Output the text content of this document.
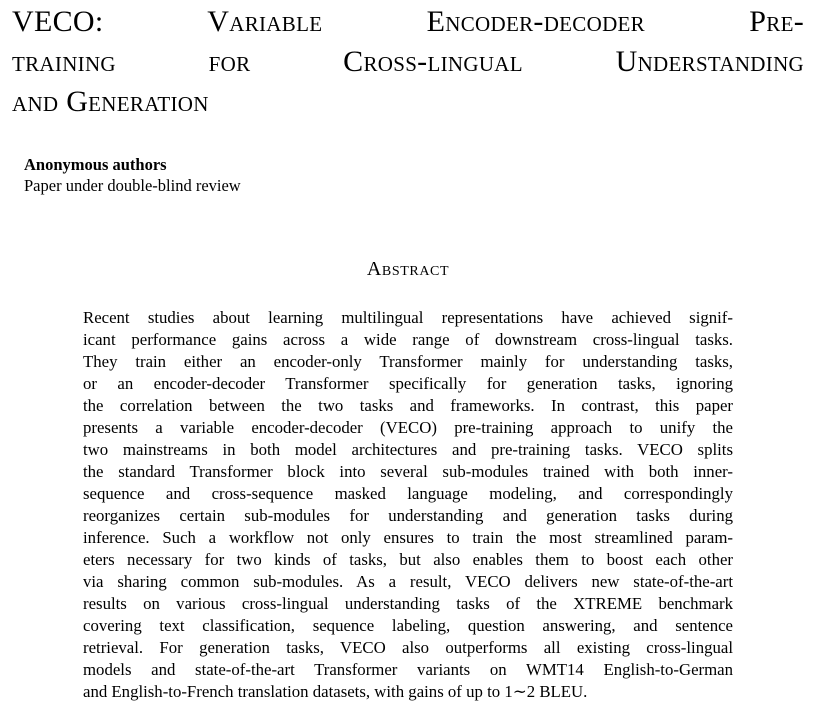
VECO: Variable Encoder-decoder Pre-
training for Cross-lingual Understanding
and Generation
Anonymous authors
Paper under double-blind review
Abstract
Recent studies about learning multilingual representations have achieved signif-
icant performance gains across a wide range of downstream cross-lingual tasks.
They train either an encoder-only Transformer mainly for understanding tasks,
or an encoder-decoder Transformer specifically for generation tasks, ignoring
the correlation between the two tasks and frameworks. In contrast, this paper
presents a variable encoder-decoder (VECO) pre-training approach to unify the
two mainstreams in both model architectures and pre-training tasks. VECO splits
the standard Transformer block into several sub-modules trained with both inner-
sequence and cross-sequence masked language modeling, and correspondingly
reorganizes certain sub-modules for understanding and generation tasks during
inference. Such a workflow not only ensures to train the most streamlined param-
eters necessary for two kinds of tasks, but also enables them to boost each other
via sharing common sub-modules. As a result, VECO delivers new state-of-the-art
results on various cross-lingual understanding tasks of the XTREME benchmark
covering text classification, sequence labeling, question answering, and sentence
retrieval. For generation tasks, VECO also outperforms all existing cross-lingual
models and state-of-the-art Transformer variants on WMT14 English-to-German
and English-to-French translation datasets, with gains of up to 1∼2 BLEU.
